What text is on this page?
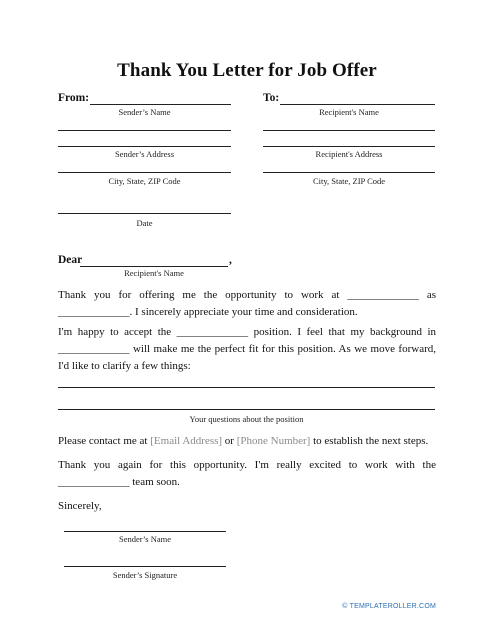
Thank You Letter for Job Offer
From:
Sender’s Name
To:
Recipient's Name
Sender’s Address	Recipient's Address
City, State, ZIP Code	City, State, ZIP Code
Date
Dear	,
Recipient's Name
Thank you for offering me the opportunity to work at _____________ as _____________. I sincerely appreciate your time and consideration.
I'm happy to accept the _____________ position. I feel that my background in _____________ will make me the perfect fit for this position. As we move forward, I'd like to clarify a few things:
Your questions about the position
Please contact me at [Email Address] or [Phone Number] to establish the next steps.
Thank you again for this opportunity. I'm really excited to work with the _____________ team soon.
Sincerely,
Sender’s Name
Sender’s Signature
© TEMPLATEROLLER.COM
